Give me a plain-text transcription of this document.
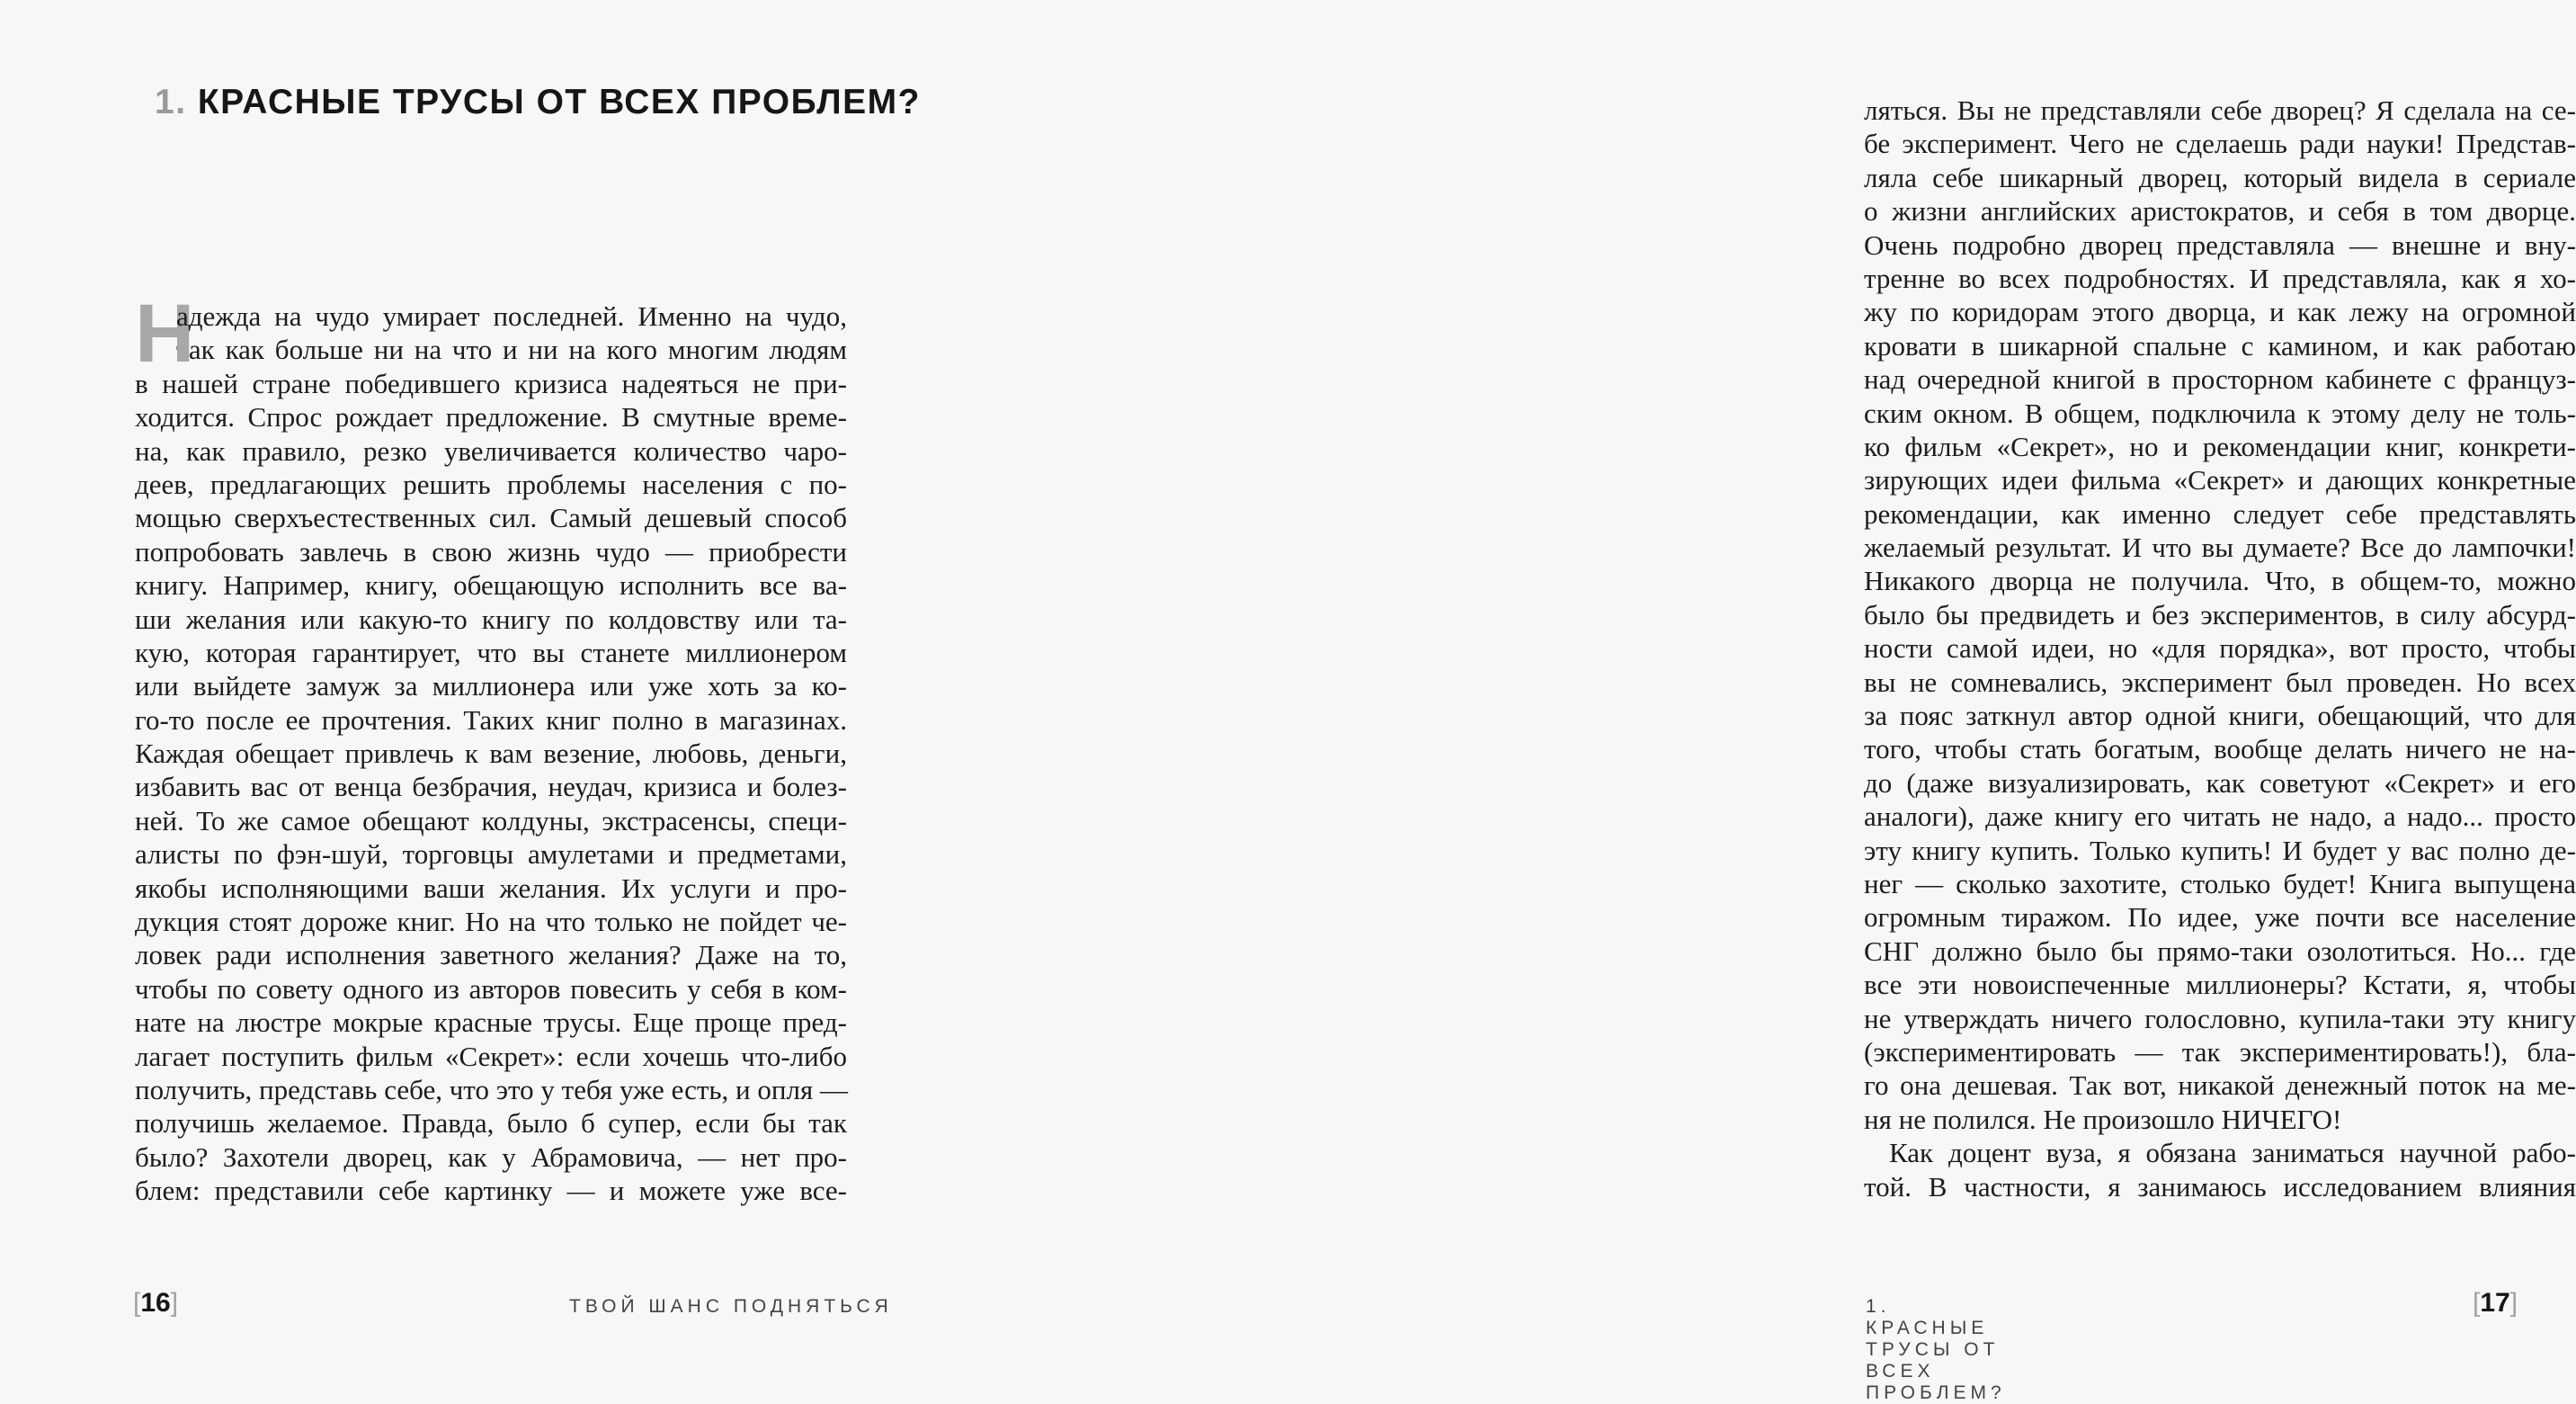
1. КРАСНЫЕ ТРУСЫ ОТ ВСЕХ ПРОБЛЕМ?
Н
адежда на чудо умирает последней. Именно на чудо,
так как больше ни на что и ни на кого многим людям
в нашей стране победившего кризиса надеяться не при-
ходится. Спрос рождает предложение. В смутные време-
на, как правило, резко увеличивается количество чаро-
деев, предлагающих решить проблемы населения с по-
мощью сверхъестественных сил. Самый дешевый способ
попробовать завлечь в свою жизнь чудо — приобрести
книгу. Например, книгу, обещающую исполнить все ва-
ши желания или какую-то книгу по колдовству или та-
кую, которая гарантирует, что вы станете миллионером
или выйдете замуж за миллионера или уже хоть за ко-
го-то после ее прочтения. Таких книг полно в магазинах.
Каждая обещает привлечь к вам везение, любовь, деньги,
избавить вас от венца безбрачия, неудач, кризиса и болез-
ней. То же самое обещают колдуны, экстрасенсы, специ-
алисты по фэн-шуй, торговцы амулетами и предметами,
якобы исполняющими ваши желания. Их услуги и про-
дукция стоят дороже книг. Но на что только не пойдет че-
ловек ради исполнения заветного желания? Даже на то,
чтобы по совету одного из авторов повесить у себя в ком-
нате на люстре мокрые красные трусы. Еще проще пред-
лагает поступить фильм «Секрет»: если хочешь что-либо
получить, представь себе, что это у тебя уже есть, и опля —
получишь желаемое. Правда, было б супер, если бы так
было? Захотели дворец, как у Абрамовича, — нет про-
блем: представили себе картинку — и можете уже все-
[16]	ТВОЙ ШАНС ПОДНЯТЬСЯ
ляться. Вы не представляли себе дворец? Я сделала на се-
бе эксперимент. Чего не сделаешь ради науки! Представ-
ляла себе шикарный дворец, который видела в сериале
о жизни английских аристократов, и себя в том дворце.
Очень подробно дворец представляла — внешне и вну-
тренне во всех подробностях. И представляла, как я хо-
жу по коридорам этого дворца, и как лежу на огромной
кровати в шикарной спальне с камином, и как работаю
над очередной книгой в просторном кабинете с француз-
ским окном. В общем, подключила к этому делу не толь-
ко фильм «Секрет», но и рекомендации книг, конкрети-
зирующих идеи фильма «Секрет» и дающих конкретные
рекомендации, как именно следует себе представлять
желаемый результат. И что вы думаете? Все до лампочки!
Никакого дворца не получила. Что, в общем-то, можно
было бы предвидеть и без экспериментов, в силу абсурд-
ности самой идеи, но «для порядка», вот просто, чтобы
вы не сомневались, эксперимент был проведен. Но всех
за пояс заткнул автор одной книги, обещающий, что для
того, чтобы стать богатым, вообще делать ничего не на-
до (даже визуализировать, как советуют «Секрет» и его
аналоги), даже книгу его читать не надо, а надо... просто
эту книгу купить. Только купить! И будет у вас полно де-
нег — сколько захотите, столько будет! Книга выпущена
огромным тиражом. По идее, уже почти все население
СНГ должно было бы прямо-таки озолотиться. Но... где
все эти новоиспеченные миллионеры? Кстати, я, чтобы
не утверждать ничего голословно, купила-таки эту книгу
(экспериментировать — так экспериментировать!), бла-
го она дешевая. Так вот, никакой денежный поток на ме-
ня не полился. Не произошло НИЧЕГО!
Как доцент вуза, я обязана заниматься научной рабо-
той. В частности, я занимаюсь исследованием влияния
1. КРАСНЫЕ ТРУСЫ ОТ ВСЕХ ПРОБЛЕМ?
[17]
